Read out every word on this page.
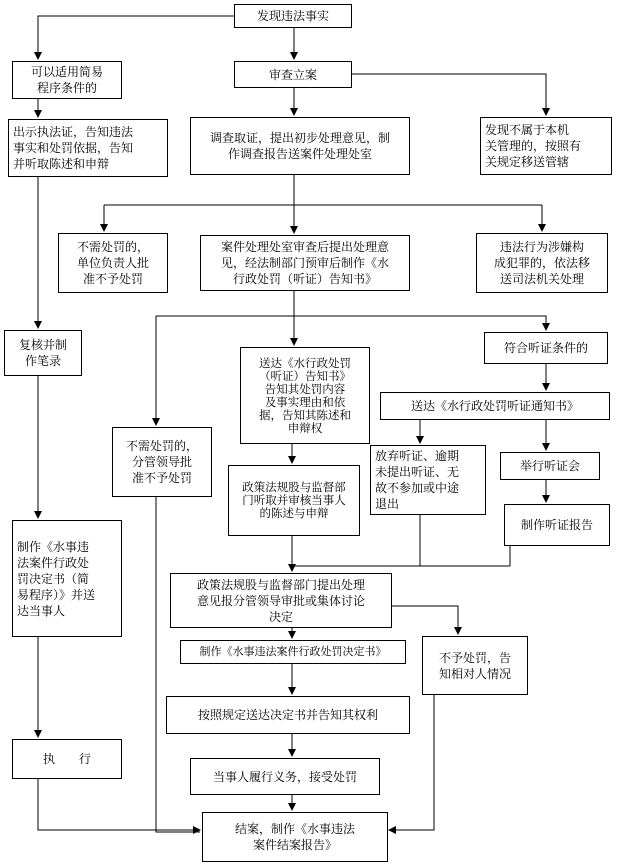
发现违法事实
可以适用简易
程序条件的
审查立案
出示执法证，告知违法
事实和处罚依据，告知
并听取陈述和申辩
调查取证，提出初步处理意见，制
作调查报告送案件处理处室
发现不属于本机
关管理的，按照有
关规定移送管辖
不需处罚的，
单位负责人批
准不予处罚
案件处理处室审查后提出处理意
见，经法制部门预审后制作《水
行政处罚（听证）告知书》
违法行为涉嫌构
成犯罪的，依法移
送司法机关处理
复核并制
作笔录	送达《水行政处罚
（听证）告知书》
告知其处罚内容
及事实理由和依
据，告知其陈述和
申辩权
符合听证条件的
不需处罚的，
分管领导批
准不予处罚
送达《水行政处罚听证通知书》
放弃听证、逾期
未提出听证、无
故不参加或中途
退出
政策法规股与监督部
门听取并审核当事人
的陈述与申辩
举行听证会
制作听证报告
制作《水事违
法案件行政处
罚决定书（简
易程序）》并送
达当事人
政策法规股与监督部门提出处理
意见报分管领导审批或集体讨论
决定
制作《水事违法案件行政处罚决定书》	不予处罚，告
知相对人情况
按照规定送达决定书并告知其权利
执　　行
当事人履行义务，接受处罚
结案，制作《水事违法
案件结案报告》
